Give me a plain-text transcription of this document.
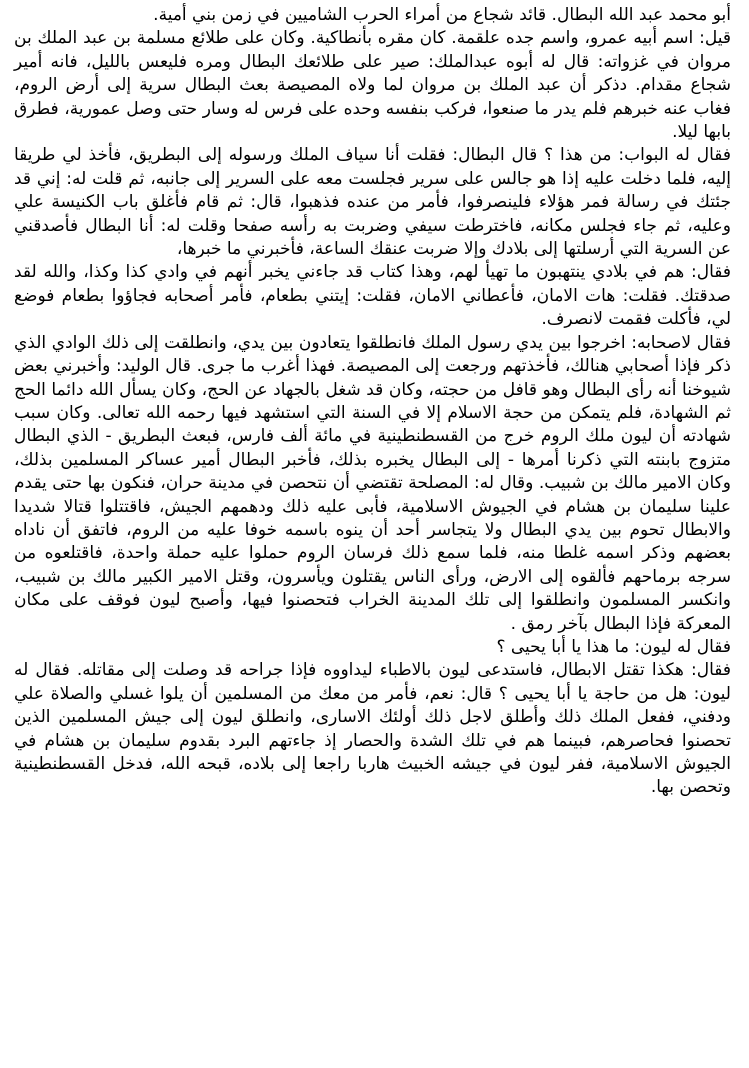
أبو محمد عبد الله البطال. قائد شجاع من أمراء الحرب الشاميين في زمن بني أمية.

قيل: اسم أبيه عمرو، واسم جده علقمة. كان مقره بأنطاكية. وكان على طلائع مسلمة بن عبد الملك بن مروان في غزواته: قال له أبوه عبدالملك: صير على طلائعك البطال ومره فليعس بالليل، فانه أمير شجاع مقدام. دذكر أن عبد الملك بن مروان لما ولاه المصيصة بعث البطال سرية إلى أرض الروم، فغاب عنه خبرهم فلم يدر ما صنعوا، فركب بنفسه وحده على فرس له وسار حتى وصل عمورية، فطرق بابها ليلا.

فقال له البواب: من هذا ؟ قال البطال: فقلت أنا سياف الملك ورسوله إلى البطريق، فأخذ لي طريقا إليه، فلما دخلت عليه إذا هو جالس على سرير فجلست معه على السرير إلى جانبه، ثم قلت له: إني قد جئتك في رسالة فمر هؤلاء فلينصرفوا، فأمر من عنده فذهبوا، قال: ثم قام فأغلق باب الكنيسة علي وعليه، ثم جاء فجلس مكانه، فاخترطت سيفي وضربت به رأسه صفحا وقلت له: أنا البطال فأصدقني عن السرية التي أرسلتها إلى بلادك وإلا ضربت عنقك الساعة، فأخبرني ما خبرها،

فقال: هم في بلادي ينتهبون ما تهيأ لهم، وهذا كتاب قد جاءني يخبر أنهم في وادي كذا وكذا، والله لقد صدقتك. فقلت: هات الامان، فأعطاني الامان، فقلت: إيتني بطعام، فأمر أصحابه فجاؤوا بطعام فوضع لي، فأكلت فقمت لانصرف.

فقال لاصحابه: اخرجوا بين يدي رسول الملك فانطلقوا يتعادون بين يدي، وانطلقت إلى ذلك الوادي الذي ذكر فإذا أصحابي هنالك، فأخذتهم ورجعت إلى المصيصة. فهذا أغرب ما جرى. قال الوليد: وأخبرني بعض شيوخنا أنه رأى البطال وهو قافل من حجته، وكان قد شغل بالجهاد عن الحج، وكان يسأل الله دائما الحج ثم الشهادة، فلم يتمكن من حجة الاسلام إلا في السنة التي استشهد فيها رحمه الله تعالى. وكان سبب شهادته أن ليون ملك الروم خرج من القسطنطينية في مائة ألف فارس، فبعث البطريق - الذي البطال متزوج بابنته التي ذكرنا أمرها - إلى البطال يخبره بذلك، فأخبر البطال أمير عساكر المسلمين بذلك، وكان الامير مالك بن شبيب. وقال له: المصلحة تقتضي أن نتحصن في مدينة حران، فنكون بها حتى يقدم علينا سليمان بن هشام في الجيوش الاسلامية، فأبى عليه ذلك ودهمهم الجيش، فاقتتلوا قتالا شديدا والابطال تحوم بين يدي البطال ولا يتجاسر أحد أن ينوه باسمه خوفا عليه من الروم، فاتفق أن ناداه بعضهم وذكر اسمه غلطا منه، فلما سمع ذلك فرسان الروم حملوا عليه حملة واحدة، فاقتلعوه من سرجه برماحهم فألقوه إلى الارض، ورأى الناس يقتلون ويأسرون، وقتل الامير الكبير مالك بن شبيب، وانكسر المسلمون وانطلقوا إلى تلك المدينة الخراب فتحصنوا فيها، وأصبح ليون فوقف على مكان المعركة فإذا البطال بآخر رمق .

فقال له ليون: ما هذا يا أبا يحيى ؟

فقال: هكذا تقتل الابطال، فاستدعى ليون بالاطباء ليداووه فإذا جراحه قد وصلت إلى مقاتله. فقال له ليون: هل من حاجة يا أبا يحيى ؟ قال: نعم، فأمر من معك من المسلمين أن يلوا غسلي والصلاة علي ودفني، ففعل الملك ذلك وأطلق لاجل ذلك أولئك الاسارى، وانطلق ليون إلى جيش المسلمين الذين تحصنوا فحاصرهم، فبينما هم في تلك الشدة والحصار إذ جاءتهم البرد بقدوم سليمان بن هشام في الجيوش الاسلامية، ففر ليون في جيشه الخبيث هاربا راجعا إلى بلاده، قبحه الله، فدخل القسطنطينية وتحصن بها.
